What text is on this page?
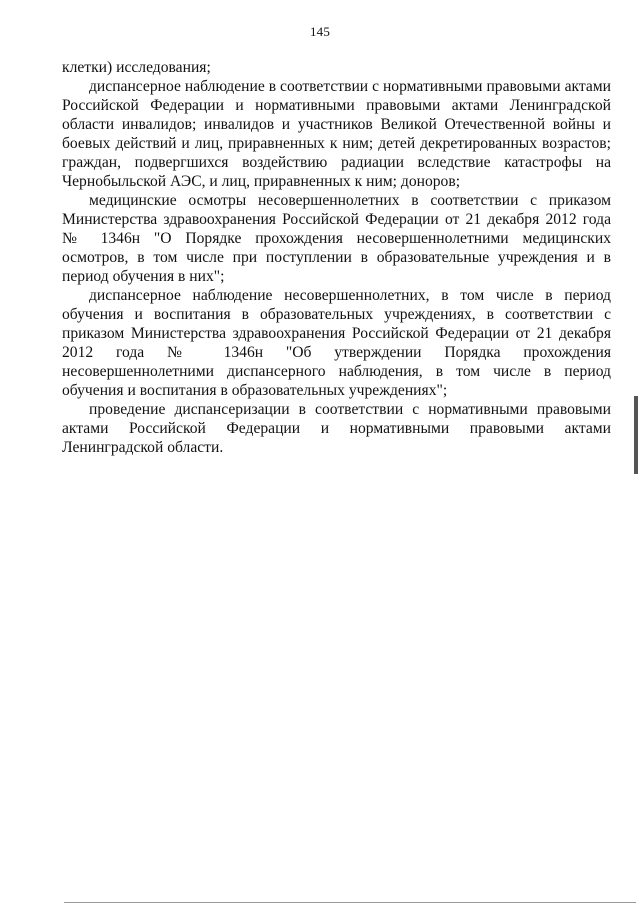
145

клетки) исследования;

диспансерное наблюдение в соответствии с нормативными правовыми актами Российской Федерации и нормативными правовыми актами Ленинградской области инвалидов; инвалидов и участников Великой Отечественной войны и боевых действий и лиц, приравненных к ним; детей декретированных возрастов; граждан, подвергшихся воздействию радиации вследствие катастрофы на Чернобыльской АЭС, и лиц, приравненных к ним; доноров;

медицинские осмотры несовершеннолетних в соответствии с приказом Министерства здравоохранения Российской Федерации от 21 декабря 2012 года № 1346н "О Порядке прохождения несовершеннолетними медицинских осмотров, в том числе при поступлении в образовательные учреждения и в период обучения в них";

диспансерное наблюдение несовершеннолетних, в том числе в период обучения и воспитания в образовательных учреждениях, в соответствии с приказом Министерства здравоохранения Российской Федерации от 21 декабря 2012 года № 1346н "Об утверждении Порядка прохождения несовершеннолетними диспансерного наблюдения, в том числе в период обучения и воспитания в образовательных учреждениях";

проведение диспансеризации в соответствии с нормативными правовыми актами Российской Федерации и нормативными правовыми актами Ленинградской области.
